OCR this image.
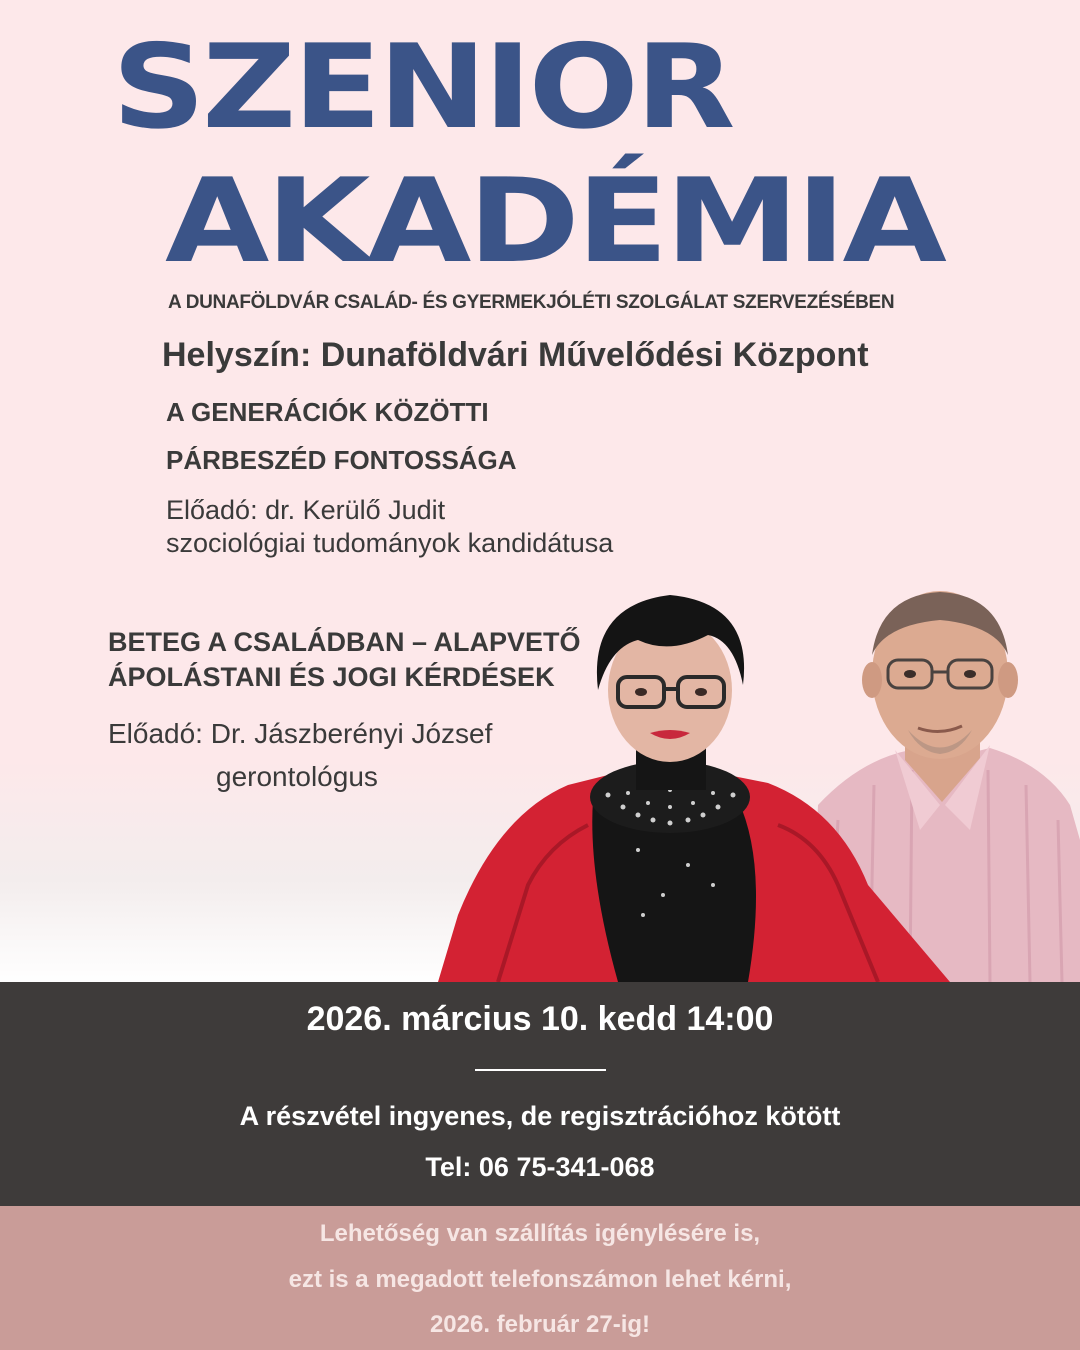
SZENIOR
AKADÉMIA
A DUNAFÖLDVÁR CSALÁD- ÉS GYERMEKJÓLÉTI SZOLGÁLAT SZERVEZÉSÉBEN
Helyszín: Dunaföldvári Művelődési Központ
A GENERÁCIÓK KÖZÖTTI
PÁRBESZÉD FONTOSSÁGA
Előadó: dr. Kerülő Judit
szociológiai tudományok kandidátusa
BETEG A CSALÁDBAN – ALAPVETŐ
ÁPOLÁSTANI ÉS JOGI KÉRDÉSEK
Előadó: Dr. Jászberényi József
gerontológus
2026. március 10. kedd 14:00
A részvétel ingyenes, de regisztrációhoz kötött
Tel: 06 75-341-068
Lehetőség van szállítás igénylésére is,
ezt is a megadott telefonszámon lehet kérni,
2026. február 27-ig!
